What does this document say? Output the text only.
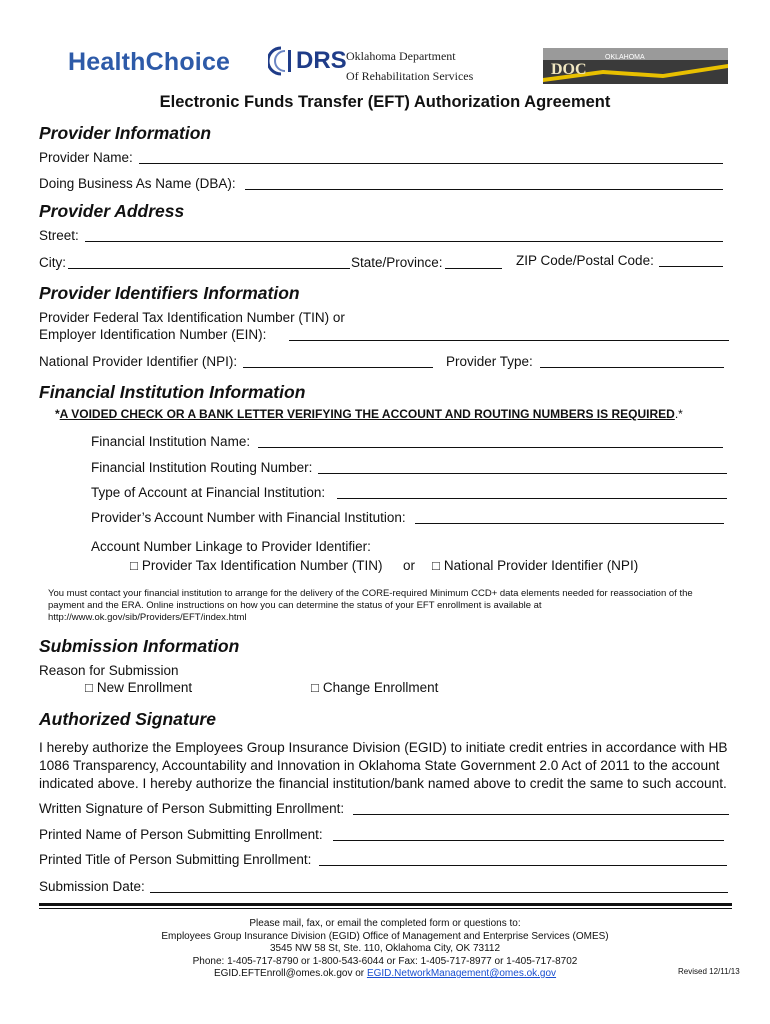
HealthChoice	DRS Oklahoma Department
Of Rehabilitation Services	DOC
OKLAHOMA
Electronic Funds Transfer (EFT) Authorization Agreement
Provider Information
Provider Name:
Doing Business As Name (DBA):
Provider Address
Street:
City:	State/Province:	ZIP Code/Postal Code:
Provider Identifiers Information
Provider Federal Tax Identification Number (TIN) or
Employer Identification Number (EIN):
National Provider Identifier (NPI):	Provider Type:
Financial Institution Information
*A VOIDED CHECK OR A BANK LETTER VERIFYING THE ACCOUNT AND ROUTING NUMBERS IS REQUIRED.*
Financial Institution Name:
Financial Institution Routing Number:
Type of Account at Financial Institution:
Provider’s Account Number with Financial Institution:
Account Number Linkage to Provider Identifier:
□ Provider Tax Identification Number (TIN) or □ National Provider Identifier (NPI)
You must contact your financial institution to arrange for the delivery of the CORE-required Minimum CCD+ data elements needed for reassociation of the payment and the ERA. Online instructions on how you can determine the status of your EFT enrollment is available at http://www.ok.gov/sib/Providers/EFT/index.html
Submission Information
Reason for Submission
□ New Enrollment	□ Change Enrollment
Authorized Signature
I hereby authorize the Employees Group Insurance Division (EGID) to initiate credit entries in accordance with HB 1086 Transparency, Accountability and Innovation in Oklahoma State Government 2.0 Act of 2011 to the account indicated above. I hereby authorize the financial institution/bank named above to credit the same to such account.
Written Signature of Person Submitting Enrollment:
Printed Name of Person Submitting Enrollment:
Printed Title of Person Submitting Enrollment:
Submission Date:
Please mail, fax, or email the completed form or questions to:
Employees Group Insurance Division (EGID) Office of Management and Enterprise Services (OMES)
3545 NW 58 St, Ste. 110, Oklahoma City, OK 73112
Phone: 1-405-717-8790 or 1-800-543-6044 or Fax: 1-405-717-8977 or 1-405-717-8702
EGID.EFTEnroll@omes.ok.gov or EGID.NetworkManagement@omes.ok.gov	Revised 12/11/13
